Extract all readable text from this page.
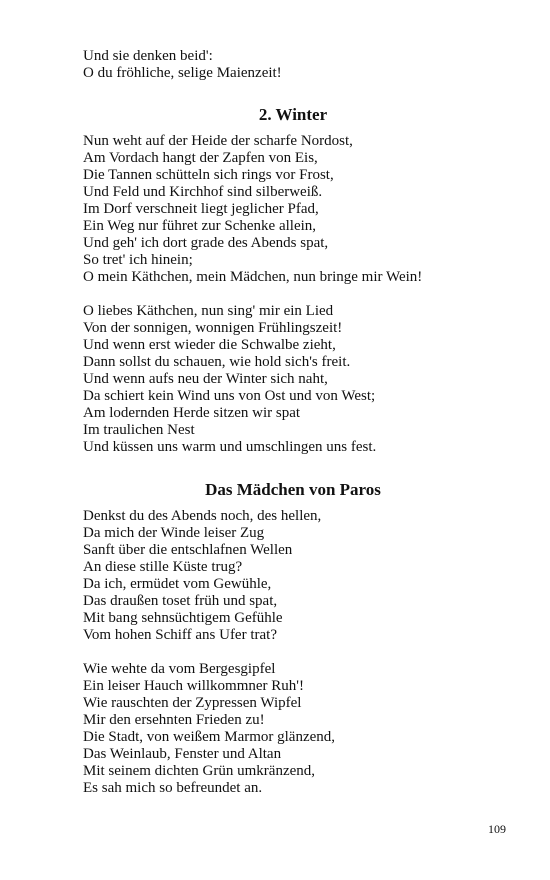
Und sie denken beid':
O du fröhliche, selige Maienzeit!
2. Winter
Nun weht auf der Heide der scharfe Nordost,
Am Vordach hangt der Zapfen von Eis,
Die Tannen schütteln sich rings vor Frost,
Und Feld und Kirchhof sind silberweiß.
Im Dorf verschneit liegt jeglicher Pfad,
Ein Weg nur führet zur Schenke allein,
Und geh' ich dort grade des Abends spat,
So tret' ich hinein;
O mein Käthchen, mein Mädchen, nun bringe mir Wein!
O liebes Käthchen, nun sing' mir ein Lied
Von der sonnigen, wonnigen Frühlingszeit!
Und wenn erst wieder die Schwalbe zieht,
Dann sollst du schauen, wie hold sich's freit.
Und wenn aufs neu der Winter sich naht,
Da schiert kein Wind uns von Ost und von West;
Am lodernden Herde sitzen wir spat
Im traulichen Nest
Und küssen uns warm und umschlingen uns fest.
Das Mädchen von Paros
Denkst du des Abends noch, des hellen,
Da mich der Winde leiser Zug
Sanft über die entschlafnen Wellen
An diese stille Küste trug?
Da ich, ermüdet vom Gewühle,
Das draußen toset früh und spat,
Mit bang sehnsüchtigem Gefühle
Vom hohen Schiff ans Ufer trat?
Wie wehte da vom Bergesgipfel
Ein leiser Hauch willkommner Ruh'!
Wie rauschten der Zypressen Wipfel
Mir den ersehnten Frieden zu!
Die Stadt, von weißem Marmor glänzend,
Das Weinlaub, Fenster und Altan
Mit seinem dichten Grün umkränzend,
Es sah mich so befreundet an.
109
